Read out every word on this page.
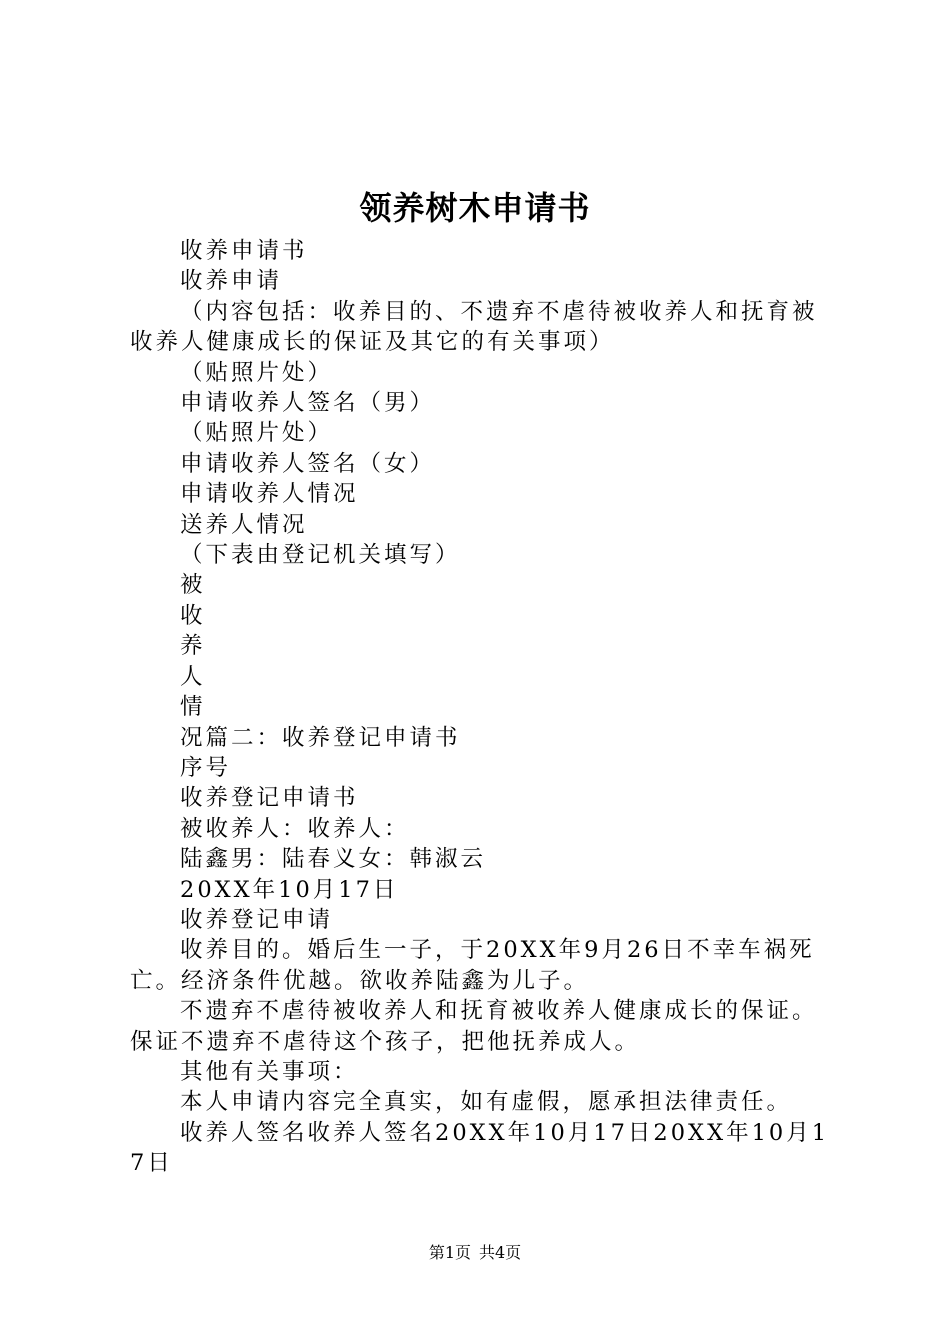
领养树木申请书

收养申请书

收养申请

（内容包括：收养目的、不遗弃不虐待被收养人和抚育被收养人健康成长的保证及其它的有关事项）

（贴照片处）

申请收养人签名（男）

（贴照片处）

申请收养人签名（女）

申请收养人情况

送养人情况

（下表由登记机关填写）

被

收

养

人

情

况篇二：收养登记申请书

序号

收养登记申请书

被收养人：收养人：

陆鑫男：陆春义女：韩淑云

20XX年10月17日

收养登记申请

收养目的。婚后生一子，于20XX年9月26日不幸车祸死亡。经济条件优越。欲收养陆鑫为儿子。

不遗弃不虐待被收养人和抚育被收养人健康成长的保证。保证不遗弃不虐待这个孩子，把他抚养成人。

其他有关事项：

本人申请内容完全真实，如有虚假，愿承担法律责任。

收养人签名收养人签名20XX年10月17日20XX年10月17日

第1页 共4页
